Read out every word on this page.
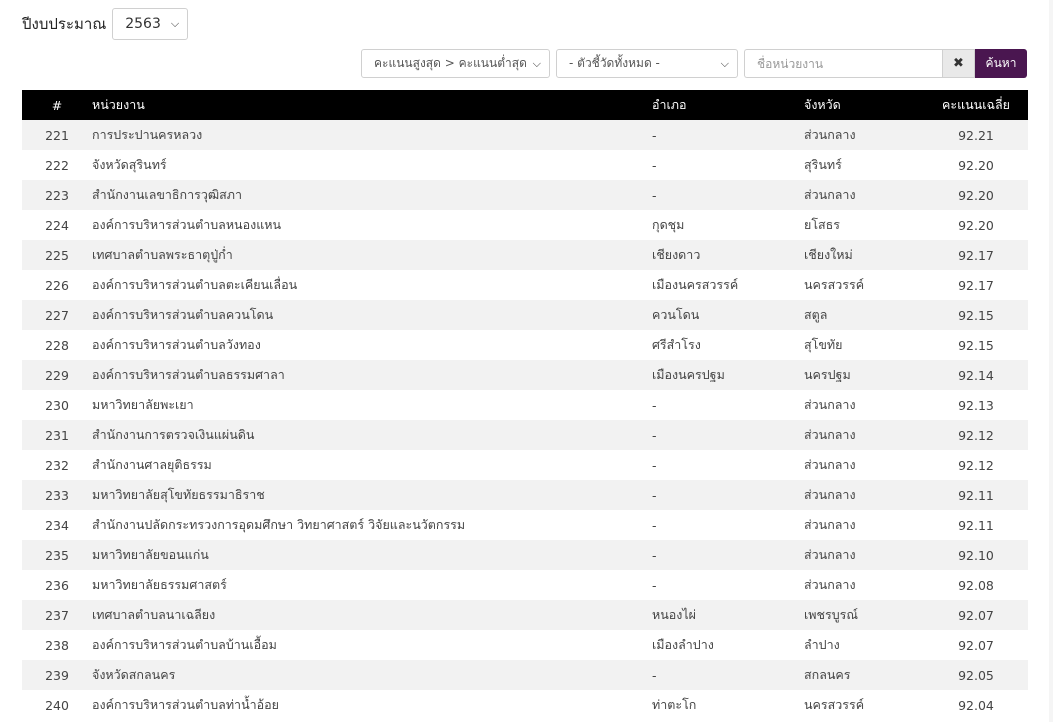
ปีงบประมาณ 2563 ⌵
คะแนนสูงสุด > คะแนนต่ำสุด ⌵ - ตัวชี้วัดทั้งหมด -	⌵
ชื่อหน่วยงาน	✖	ค้นหา
#	หน่วยงาน	อำเภอ	จังหวัด	คะแนนเฉลี่ย
221	การประปานครหลวง	-	ส่วนกลาง	92.21
222	จังหวัดสุรินทร์	-	สุรินทร์	92.20
223	สำนักงานเลขาธิการวุฒิสภา	-	ส่วนกลาง	92.20
224	องค์การบริหารส่วนตำบลหนองแหน	กุดชุม	ยโสธร	92.20
225	เทศบาลตำบลพระธาตุปู่ก่ำ	เชียงดาว	เชียงใหม่	92.17
226	องค์การบริหารส่วนตำบลตะเคียนเลื่อน	เมืองนครสวรรค์	นครสวรรค์	92.17
227	องค์การบริหารส่วนตำบลควนโดน	ควนโดน	สตูล	92.15
228	องค์การบริหารส่วนตำบลวังทอง	ศรีสำโรง	สุโขทัย	92.15
229	องค์การบริหารส่วนตำบลธรรมศาลา	เมืองนครปฐม	นครปฐม	92.14
230	มหาวิทยาลัยพะเยา	-	ส่วนกลาง	92.13
231	สำนักงานการตรวจเงินแผ่นดิน	-	ส่วนกลาง	92.12
232	สำนักงานศาลยุติธรรม	-	ส่วนกลาง	92.12
233	มหาวิทยาลัยสุโขทัยธรรมาธิราช	-	ส่วนกลาง	92.11
234	สำนักงานปลัดกระทรวงการอุดมศึกษา วิทยาศาสตร์ วิจัยและนวัตกรรม	-	ส่วนกลาง	92.11
235	มหาวิทยาลัยขอนแก่น	-	ส่วนกลาง	92.10
236	มหาวิทยาลัยธรรมศาสตร์	-	ส่วนกลาง	92.08
237	เทศบาลตำบลนาเฉลียง	หนองไผ่	เพชรบูรณ์	92.07
238	องค์การบริหารส่วนตำบลบ้านเอื้อม	เมืองลำปาง	ลำปาง	92.07
239	จังหวัดสกลนคร	-	สกลนคร	92.05
240	องค์การบริหารส่วนตำบลท่าน้ำอ้อย	ท่าตะโก	นครสวรรค์	92.04
